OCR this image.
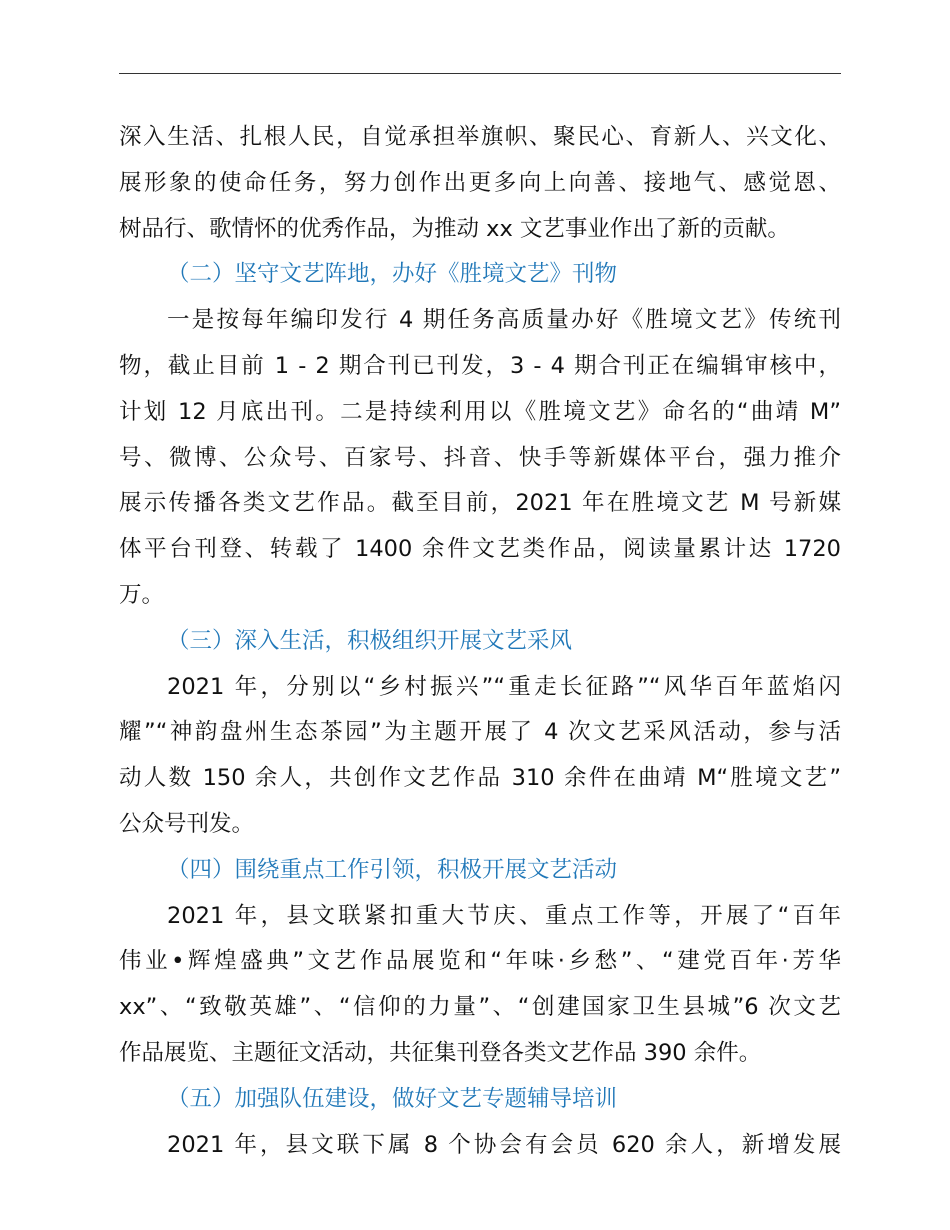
深入生活、扎根人民，自觉承担举旗帜、聚民心、育新人、兴文化、
展形象的使命任务，努力创作出更多向上向善、接地气、感觉恩、
树品行、歌情怀的优秀作品，为推动 xx 文艺事业作出了新的贡献。
（二）坚守文艺阵地，办好《胜境文艺》刊物
一是按每年编印发行 4 期任务高质量办好《胜境文艺》传统刊
物，截止目前 1 - 2 期合刊已刊发，3 - 4 期合刊正在编辑审核中，
计划 12 月底出刊。二是持续利用以《胜境文艺》命名的“曲靖 M”
号、微博、公众号、百家号、抖音、快手等新媒体平台，强力推介
展示传播各类文艺作品。截至目前，2021 年在胜境文艺 M 号新媒
体平台刊登、转载了 1400 余件文艺类作品，阅读量累计达 1720
万。
（三）深入生活，积极组织开展文艺采风
2021 年，分别以“乡村振兴”“重走长征路”“风华百年蓝焰闪
耀”“神韵盘州生态茶园”为主题开展了 4 次文艺采风活动，参与活
动人数 150 余人，共创作文艺作品 310 余件在曲靖 M“胜境文艺”
公众号刊发。
（四）围绕重点工作引领，积极开展文艺活动
2021 年，县文联紧扣重大节庆、重点工作等，开展了“百年
伟业•辉煌盛典”文艺作品展览和“年味·乡愁”、“建党百年·芳华
xx”、“致敬英雄”、“信仰的力量”、“创建国家卫生县城”6 次文艺
作品展览、主题征文活动，共征集刊登各类文艺作品 390 余件。
（五）加强队伍建设，做好文艺专题辅导培训
2021 年，县文联下属 8 个协会有会员 620 余人，新增发展
